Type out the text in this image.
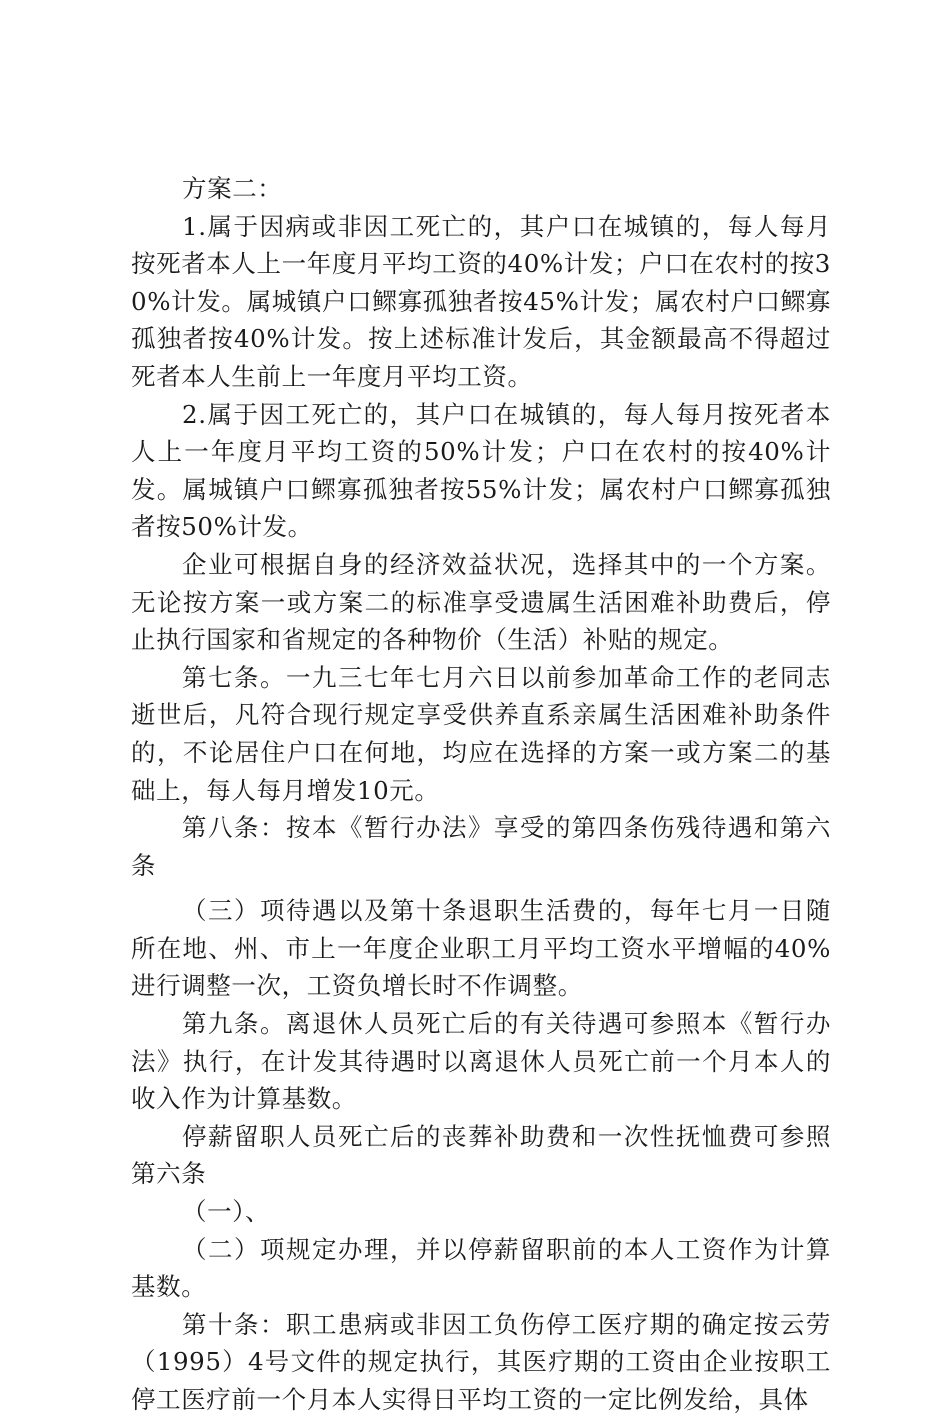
方案二：

1.属于因病或非因工死亡的，其户口在城镇的，每人每月按死者本人上一年度月平均工资的40%计发；户口在农村的按30%计发。属城镇户口鳏寡孤独者按45%计发；属农村户口鳏寡孤独者按40%计发。按上述标准计发后，其金额最高不得超过死者本人生前上一年度月平均工资。

2.属于因工死亡的，其户口在城镇的，每人每月按死者本人上一年度月平均工资的50%计发；户口在农村的按40%计发。属城镇户口鳏寡孤独者按55%计发；属农村户口鳏寡孤独者按50%计发。

企业可根据自身的经济效益状况，选择其中的一个方案。无论按方案一或方案二的标准享受遗属生活困难补助费后，停止执行国家和省规定的各种物价（生活）补贴的规定。

第七条。一九三七年七月六日以前参加革命工作的老同志逝世后，凡符合现行规定享受供养直系亲属生活困难补助条件的，不论居住户口在何地，均应在选择的方案一或方案二的基础上，每人每月增发10元。

第八条：按本《暂行办法》享受的第四条伤残待遇和第六条

（三）项待遇以及第十条退职生活费的，每年七月一日随所在地、州、市上一年度企业职工月平均工资水平增幅的40%进行调整一次，工资负增长时不作调整。

第九条。离退休人员死亡后的有关待遇可参照本《暂行办法》执行，在计发其待遇时以离退休人员死亡前一个月本人的收入作为计算基数。

停薪留职人员死亡后的丧葬补助费和一次性抚恤费可参照第六条

（一）、

（二）项规定办理，并以停薪留职前的本人工资作为计算基数。

第十条：职工患病或非因工负伤停工医疗期的确定按云劳（1995）4号文件的规定执行，其医疗期的工资由企业按职工停工医疗前一个月本人实得日平均工资的一定比例发给，具体
